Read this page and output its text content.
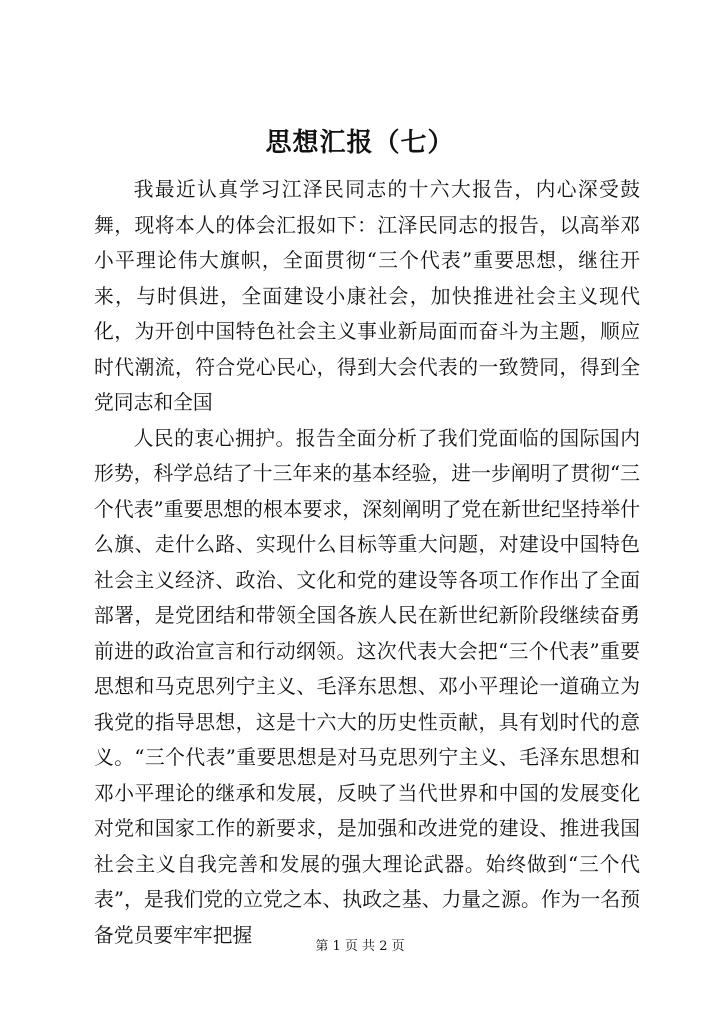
思想汇报（七）

我最近认真学习江泽民同志的十六大报告，内心深受鼓舞，现将本人的体会汇报如下：江泽民同志的报告，以高举邓小平理论伟大旗帜，全面贯彻“三个代表”重要思想，继往开来，与时俱进，全面建设小康社会，加快推进社会主义现代化，为开创中国特色社会主义事业新局面而奋斗为主题，顺应时代潮流，符合党心民心，得到大会代表的一致赞同，得到全党同志和全国

人民的衷心拥护。报告全面分析了我们党面临的国际国内形势，科学总结了十三年来的基本经验，进一步阐明了贯彻“三个代表”重要思想的根本要求，深刻阐明了党在新世纪坚持举什么旗、走什么路、实现什么目标等重大问题，对建设中国特色社会主义经济、政治、文化和党的建设等各项工作作出了全面部署，是党团结和带领全国各族人民在新世纪新阶段继续奋勇前进的政治宣言和行动纲领。这次代表大会把“三个代表”重要思想和马克思列宁主义、毛泽东思想、邓小平理论一道确立为我党的指导思想，这是十六大的历史性贡献，具有划时代的意义。“三个代表”重要思想是对马克思列宁主义、毛泽东思想和邓小平理论的继承和发展，反映了当代世界和中国的发展变化对党和国家工作的新要求，是加强和改进党的建设、推进我国社会主义自我完善和发展的强大理论武器。始终做到“三个代表”，是我们党的立党之本、执政之基、力量之源。作为一名预备党员要牢牢把握	第 1 页 共 2 页
